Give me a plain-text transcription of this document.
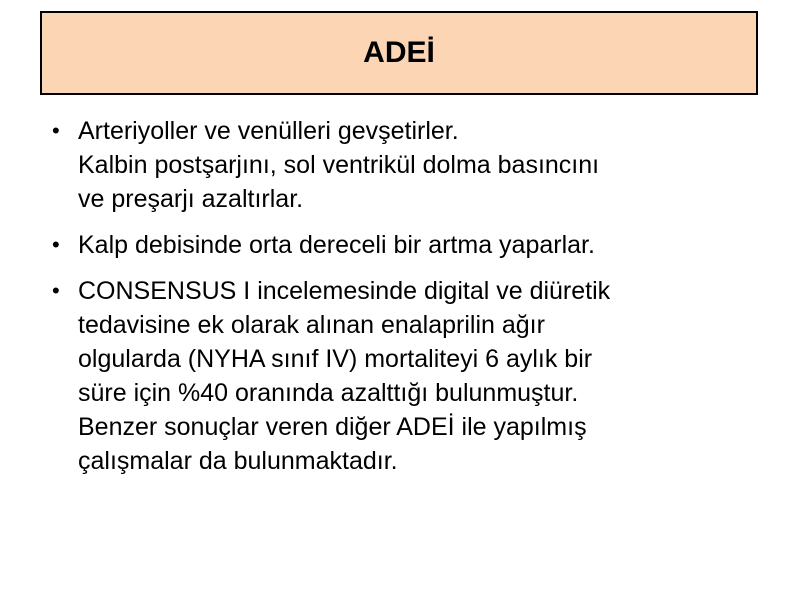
ADEİ
• Arteriyoller ve venülleri gevşetirler.
Kalbin postşarjını, sol ventrikül dolma basıncını
ve preşarjı azaltırlar.
• Kalp debisinde orta dereceli bir artma yaparlar.
• CONSENSUS I incelemesinde digital ve diüretik
tedavisine ek olarak alınan enalaprilin ağır
olgularda (NYHA sınıf IV) mortaliteyi 6 aylık bir
süre için %40 oranında azalttığı bulunmuştur.
Benzer sonuçlar veren diğer ADEİ ile yapılmış
çalışmalar da bulunmaktadır.
